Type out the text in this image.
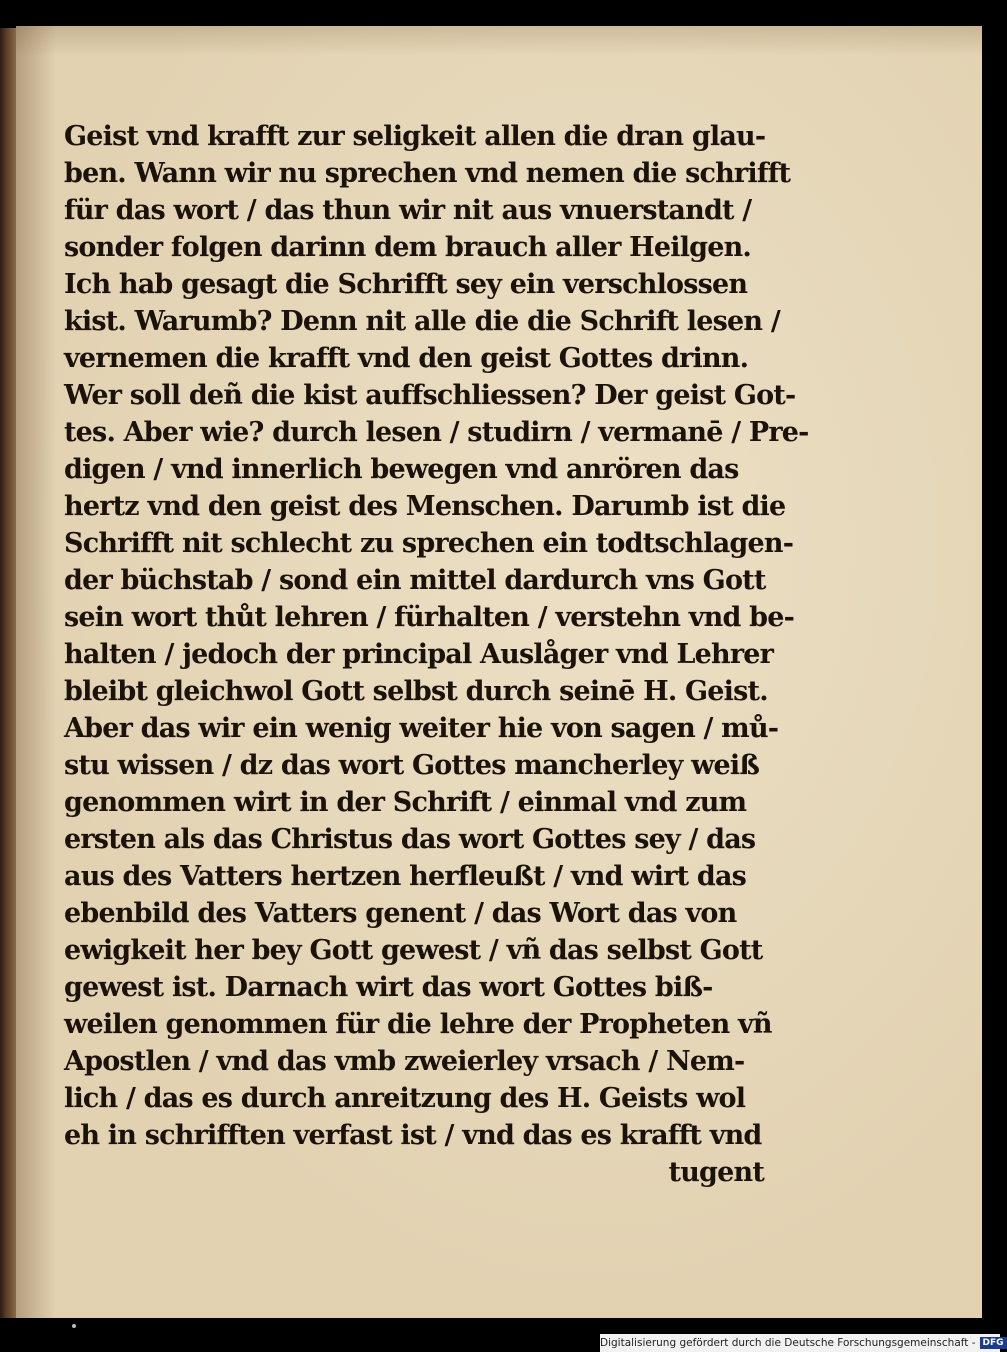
Geist vnd krafft zur seligkeit allen die dran glau-
ben. Wann wir nu sprechen vnd nemen die schrifft
für das wort / das thun wir nit aus vnuerstandt /
sonder folgen darinn dem brauch aller Heilgen.
Ich hab gesagt die Schrifft sey ein verschlossen
kist. Warumb? Denn nit alle die die Schrift lesen /
vernemen die krafft vnd den geist Gottes drinn.
Wer soll deñ die kist auffschliessen? Der geist Got-
tes. Aber wie? durch lesen / studirn / vermanē / Pre-
digen / vnd innerlich bewegen vnd anrören das
hertz vnd den geist des Menschen. Darumb ist die
Schrifft nit schlecht zu sprechen ein todtschlagen-
der büchstab / sond ein mittel dardurch vns Gott
sein wort thůt lehren / fürhalten / verstehn vnd be-
halten / jedoch der principal Auslåger vnd Lehrer
bleibt gleichwol Gott selbst durch seinē H. Geist.
Aber das wir ein wenig weiter hie von sagen / mů-
stu wissen / dz das wort Gottes mancherley weiß
genommen wirt in der Schrift / einmal vnd zum
ersten als das Christus das wort Gottes sey / das
aus des Vatters hertzen herfleußt / vnd wirt das
ebenbild des Vatters genent / das Wort das von
ewigkeit her bey Gott gewest / vñ das selbst Gott
gewest ist. Darnach wirt das wort Gottes biß-
weilen genommen für die lehre der Propheten vñ
Apostlen / vnd das vmb zweierley vrsach / Nem-
lich / das es durch anreitzung des H. Geists wol
eh in schrifften verfast ist / vnd das es krafft vnd
tugent
Digitalisierung gefördert durch die Deutsche Forschungsgemeinschaft - DFG
